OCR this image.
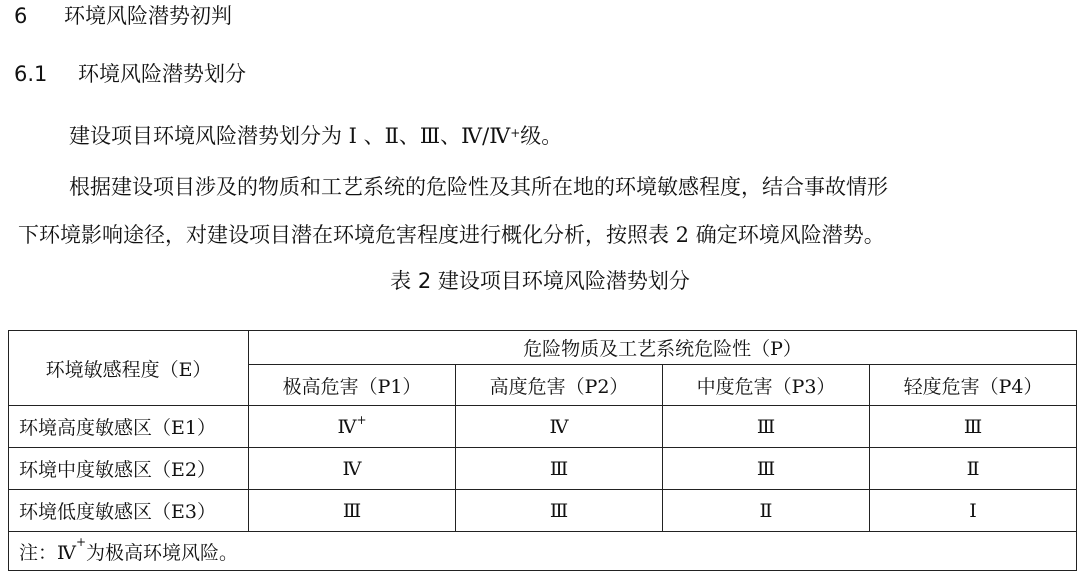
6 环境风险潜势初判
6.1 环境风险潜势划分
建设项目环境风险潜势划分为 Ⅰ 、Ⅱ、Ⅲ、Ⅳ/Ⅳ+级。
根据建设项目涉及的物质和工艺系统的危险性及其所在地的环境敏感程度，结合事故情形
下环境影响途径，对建设项目潜在环境危害程度进行概化分析，按照表 2 确定环境风险潜势。
表 2 建设项目环境风险潜势划分
环境敏感程度（E）	危险物质及工艺系统危险性（P）			
	极高危害（P1）	高度危害（P2）	中度危害（P3）	轻度危害（P4）
环境高度敏感区（E1）	Ⅳ+	Ⅳ	Ⅲ	Ⅲ
环境中度敏感区（E2）	Ⅳ	Ⅲ	Ⅲ	Ⅱ
环境低度敏感区（E3）	Ⅲ	Ⅲ	Ⅱ	Ⅰ
注：Ⅳ+为极高环境风险。				
